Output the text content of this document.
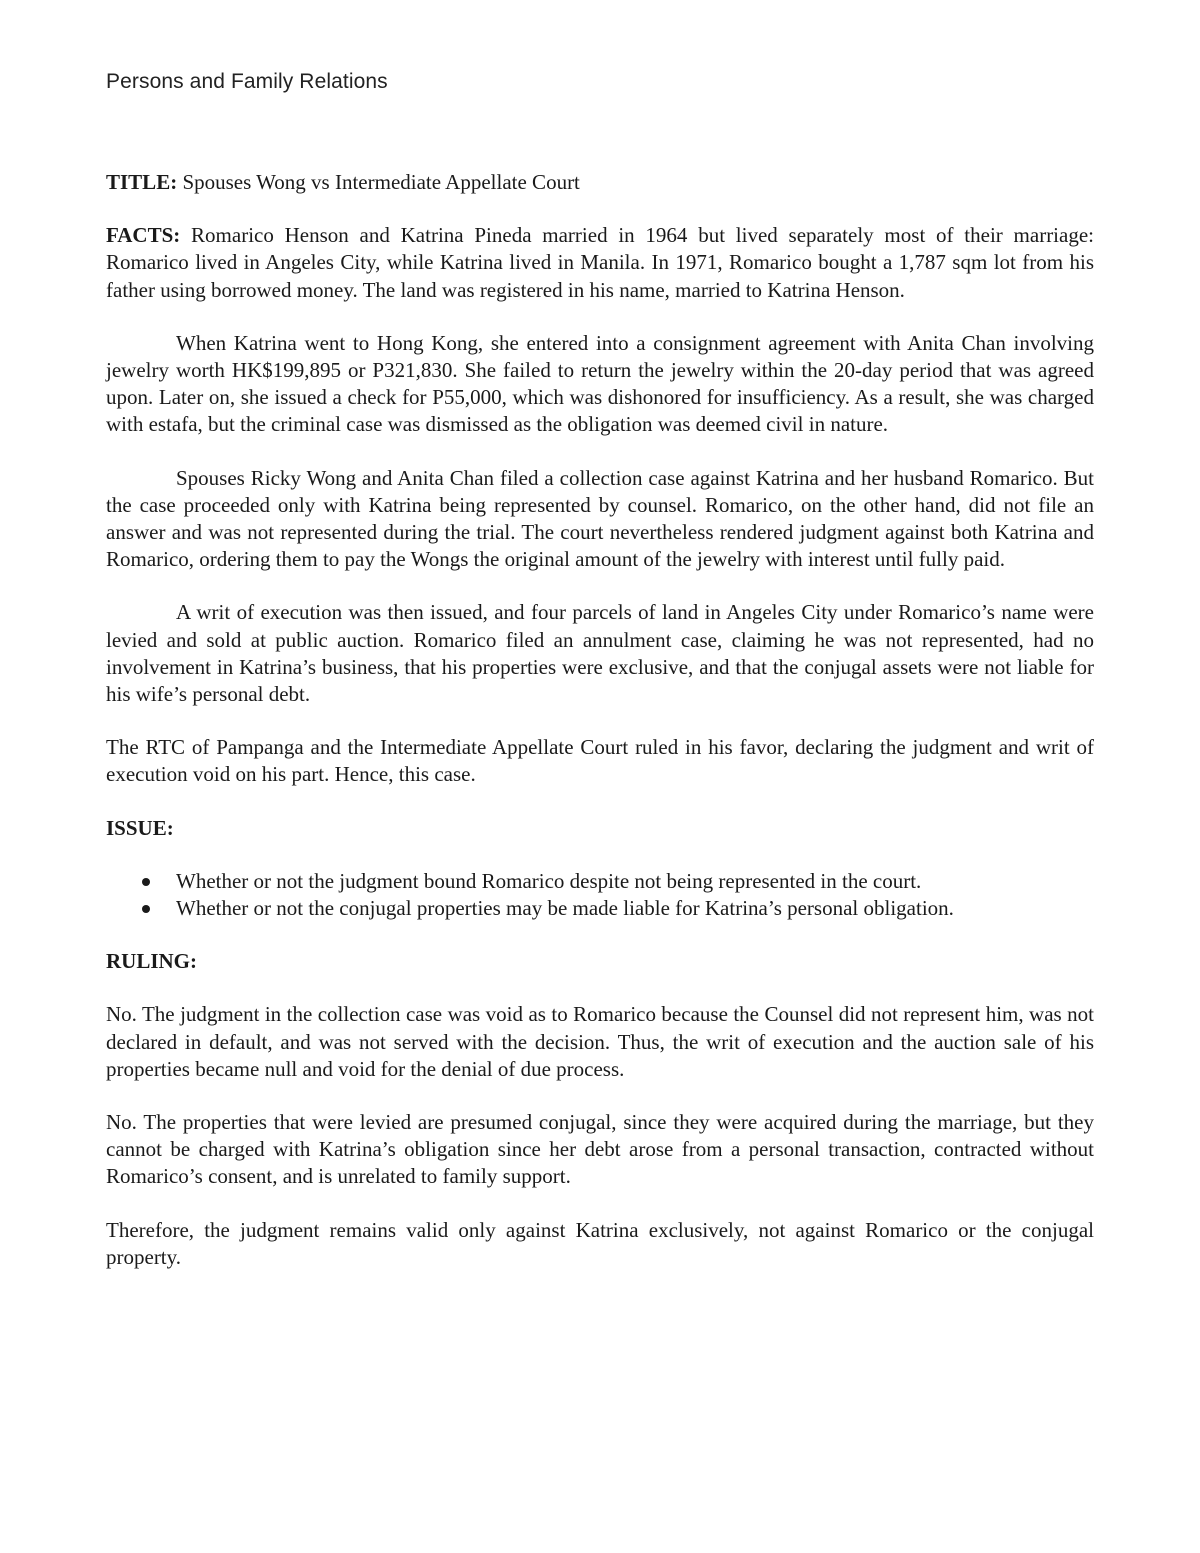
Persons and Family Relations

TITLE: Spouses Wong vs Intermediate Appellate Court

FACTS: Romarico Henson and Katrina Pineda married in 1964 but lived separately most of their marriage: Romarico lived in Angeles City, while Katrina lived in Manila. In 1971, Romarico bought a 1,787 sqm lot from his father using borrowed money. The land was registered in his name, married to Katrina Henson.

When Katrina went to Hong Kong, she entered into a consignment agreement with Anita Chan involving jewelry worth HK$199,895 or P321,830. She failed to return the jewelry within the 20-day period that was agreed upon. Later on, she issued a check for P55,000, which was dishonored for insufficiency. As a result, she was charged with estafa, but the criminal case was dismissed as the obligation was deemed civil in nature.

Spouses Ricky Wong and Anita Chan filed a collection case against Katrina and her husband Romarico. But the case proceeded only with Katrina being represented by counsel. Romarico, on the other hand, did not file an answer and was not represented during the trial. The court nevertheless rendered judgment against both Katrina and Romarico, ordering them to pay the Wongs the original amount of the jewelry with interest until fully paid.

A writ of execution was then issued, and four parcels of land in Angeles City under Romarico’s name were levied and sold at public auction. Romarico filed an annulment case, claiming he was not represented, had no involvement in Katrina’s business, that his properties were exclusive, and that the conjugal assets were not liable for his wife’s personal debt.

The RTC of Pampanga and the Intermediate Appellate Court ruled in his favor, declaring the judgment and writ of execution void on his part. Hence, this case.

ISSUE:

Whether or not the judgment bound Romarico despite not being represented in the court.
Whether or not the conjugal properties may be made liable for Katrina’s personal obligation.

RULING:

No. The judgment in the collection case was void as to Romarico because the Counsel did not represent him, was not declared in default, and was not served with the decision. Thus, the writ of execution and the auction sale of his properties became null and void for the denial of due process.

No. The properties that were levied are presumed conjugal, since they were acquired during the marriage, but they cannot be charged with Katrina’s obligation since her debt arose from a personal transaction, contracted without Romarico’s consent, and is unrelated to family support.

Therefore, the judgment remains valid only against Katrina exclusively, not against Romarico or the conjugal property.
